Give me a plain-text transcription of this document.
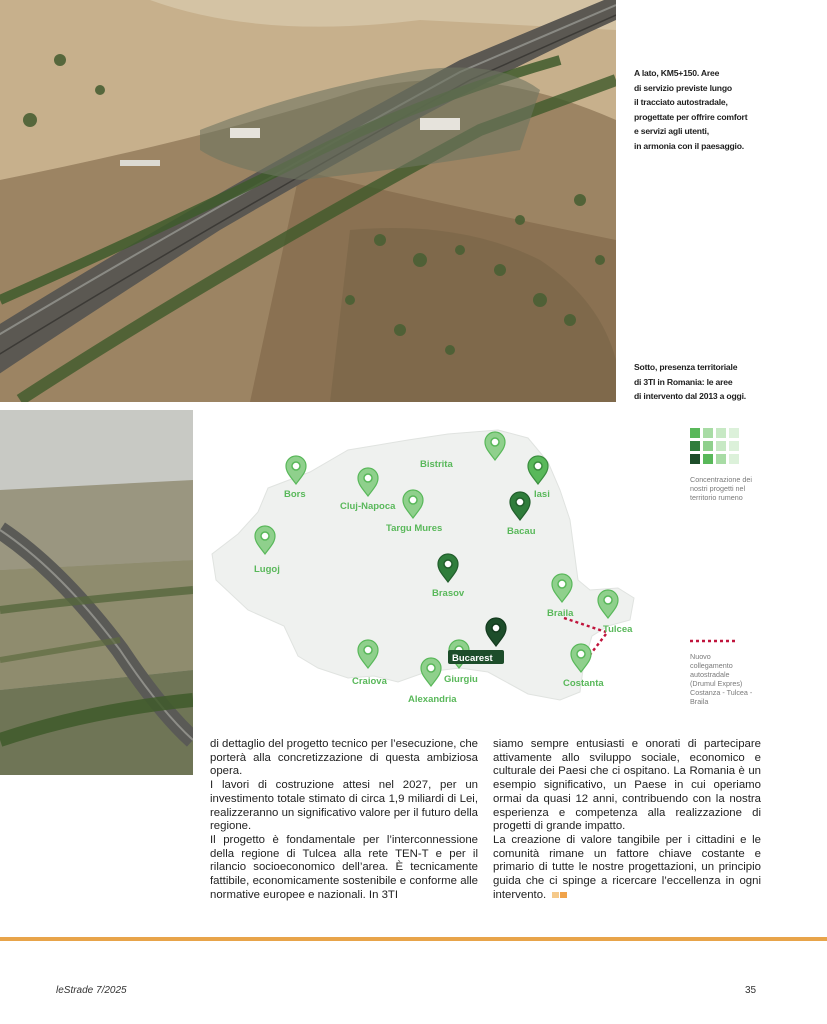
A lato, KM5+150. Aree
di servizio previste lungo
il tracciato autostradale,
progettate per offrire comfort
e servizi agli utenti,
in armonia con il paesaggio.
Sotto, presenza territoriale
di 3TI in Romania: le aree
di intervento dal 2013 a oggi.
Bistrita
Bors
Cluj-Napoca
Targu Mures
Iasi
Bacau
Lugoj
Brasov
Braila
Tulcea
Bucarest
Craiova	Giurgiu
Alexandria
Costanta
Concentrazione dei
nostri progetti nel
territorio rumeno
Nuovo
collegamento
autostradale
(Drumul Expres)
Costanza - Tulcea -
Braila

di dettaglio del progetto tecnico per l’esecuzione, che porterà alla concretizzazione di questa ambiziosa opera.

I lavori di costruzione attesi nel 2027, per un investimento totale stimato di circa 1,9 miliardi di Lei, realizzeranno un significativo valore per il futuro della regione.

Il progetto è fondamentale per l’interconnessione della regione di Tulcea alla rete TEN-T e per il rilancio socioeconomico dell’area. È tecnicamente fattibile, economicamente sostenibile e conforme alle normative europee e nazionali. In 3TI

siamo sempre entusiasti e onorati di partecipare attivamente allo sviluppo sociale, economico e culturale dei Paesi che ci ospitano. La Romania è un esempio significativo, un Paese in cui operiamo ormai da quasi 12 anni, contribuendo con la nostra esperienza e competenza alla realizzazione di progetti di grande impatto.

La creazione di valore tangibile per i cittadini e le comunità rimane un fattore chiave costante e primario di tutte le nostre progettazioni, un principio guida che ci spinge a ricercare l’eccellenza in ogni intervento.

leStrade 7/2025	35
